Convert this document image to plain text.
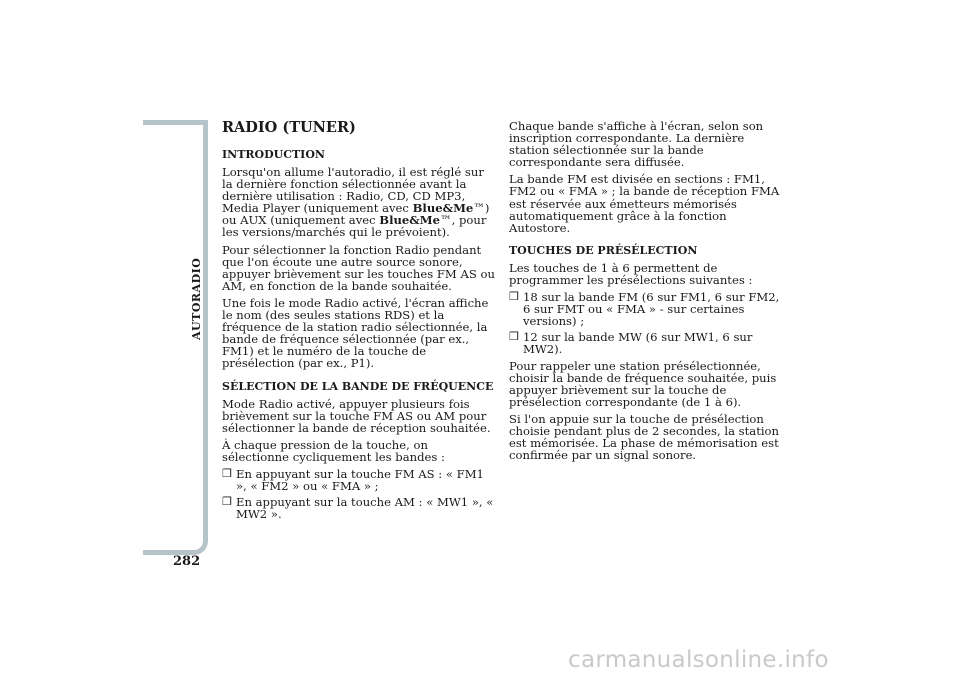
AUTORADIO
282
RADIO (TUNER)
INTRODUCTION

Lorsqu'on allume l'autoradio, il est réglé sur la dernière fonction sélectionnée avant la dernière utilisation : Radio, CD, CD MP3, Media Player (uniquement avec Blue&Me™) ou AUX (uniquement avec Blue&Me™, pour les versions/marchés qui le prévoient).

Pour sélectionner la fonction Radio pendant que l'on écoute une autre source sonore, appuyer brièvement sur les touches FM AS ou AM, en fonction de la bande souhaitée.

Une fois le mode Radio activé, l'écran affiche le nom (des seules stations RDS) et la fréquence de la station radio sélectionnée, la bande de fréquence sélectionnée (par ex., FM1) et le numéro de la touche de présélection (par ex., P1).

SÉLECTION DE LA BANDE DE FRÉQUENCE

Mode Radio activé, appuyer plusieurs fois brièvement sur la touche FM AS ou AM pour sélectionner la bande de réception souhaitée.

À chaque pression de la touche, on sélectionne cycliquement les bandes :

❒ En appuyant sur la touche FM AS : « FM1 », « FM2 » ou « FMA » ;
❒ En appuyant sur la touche AM : « MW1 », « MW2 ».

Chaque bande s'affiche à l'écran, selon son inscription correspondante. La dernière station sélectionnée sur la bande correspondante sera diffusée.

La bande FM est divisée en sections : FM1, FM2 ou « FMA » ; la bande de réception FMA est réservée aux émetteurs mémorisés automatiquement grâce à la fonction Autostore.

TOUCHES DE PRÉSÉLECTION

Les touches de 1 à 6 permettent de programmer les présélections suivantes :

❒ 18 sur la bande FM (6 sur FM1, 6 sur FM2, 6 sur FMT ou « FMA » - sur certaines versions) ;
❒ 12 sur la bande MW (6 sur MW1, 6 sur MW2).

Pour rappeler une station présélectionnée, choisir la bande de fréquence souhaitée, puis appuyer brièvement sur la touche de présélection correspondante (de 1 à 6).

Si l'on appuie sur la touche de présélection choisie pendant plus de 2 secondes, la station est mémorisée. La phase de mémorisation est confirmée par un signal sonore.

carmanualsonline.info
